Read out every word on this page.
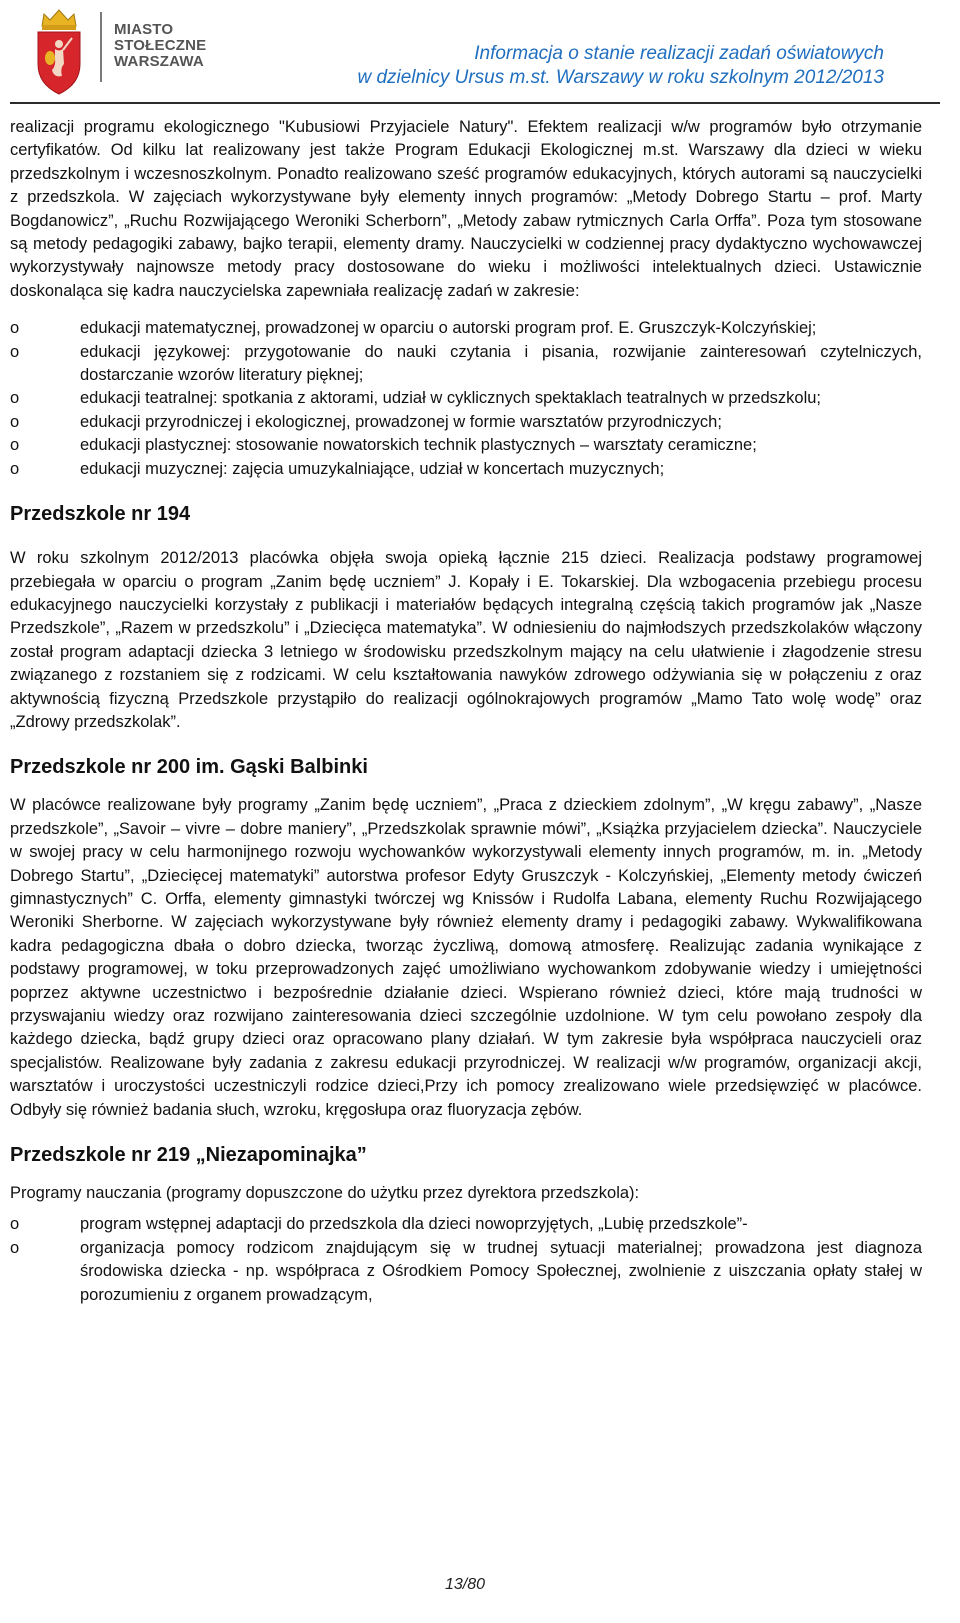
MIASTO
STOŁECZNE
WARSZAWA	Informacja o stanie realizacji zadań oświatowych
w dzielnicy Ursus m.st. Warszawy w roku szkolnym 2012/2013

realizacji programu ekologicznego "Kubusiowi Przyjaciele Natury". Efektem realizacji w/w programów było otrzymanie certyfikatów. Od kilku lat realizowany jest także Program Edukacji Ekologicznej m.st. Warszawy dla dzieci w wieku przedszkolnym i wczesnoszkolnym. Ponadto realizowano sześć programów edukacyjnych, których autorami są nauczycielki z przedszkola. W zajęciach wykorzystywane były elementy innych programów: „Metody Dobrego Startu – prof. Marty Bogdanowicz”, „Ruchu Rozwijającego Weroniki Scherborn”, „Metody zabaw rytmicznych Carla Orffa”. Poza tym stosowane są metody pedagogiki zabawy, bajko terapii, elementy dramy. Nauczycielki w codziennej pracy dydaktyczno wychowawczej wykorzystywały najnowsze metody pracy dostosowane do wieku i możliwości intelektualnych dzieci. Ustawicznie doskonaląca się kadra nauczycielska zapewniała realizację zadań w zakresie:

o	edukacji matematycznej, prowadzonej w oparciu o autorski program prof. E. Gruszczyk-Kolczyńskiej;
o	edukacji językowej: przygotowanie do nauki czytania i pisania, rozwijanie zainteresowań czytelniczych, dostarczanie wzorów literatury pięknej;
o	edukacji teatralnej: spotkania z aktorami, udział w cyklicznych spektaklach teatralnych w przedszkolu;
o	edukacji przyrodniczej i ekologicznej, prowadzonej w formie warsztatów przyrodniczych;
o	edukacji plastycznej: stosowanie nowatorskich technik plastycznych – warsztaty ceramiczne;
o	edukacji muzycznej: zajęcia umuzykalniające, udział w koncertach muzycznych;
Przedszkole nr 194

W roku szkolnym 2012/2013 placówka objęła swoja opieką łącznie 215 dzieci. Realizacja podstawy programowej przebiegała w oparciu o program „Zanim będę uczniem” J. Kopały i E. Tokarskiej. Dla wzbogacenia przebiegu procesu edukacyjnego nauczycielki korzystały z publikacji i materiałów będących integralną częścią takich programów jak „Nasze Przedszkole”, „Razem w przedszkolu” i „Dziecięca matematyka”. W odniesieniu do najmłodszych przedszkolaków włączony został program adaptacji dziecka 3 letniego w środowisku przedszkolnym mający na celu ułatwienie i złagodzenie stresu związanego z rozstaniem się z rodzicami. W celu kształtowania nawyków zdrowego odżywiania się w połączeniu z oraz aktywnością fizyczną Przedszkole przystąpiło do realizacji ogólnokrajowych programów „Mamo Tato wolę wodę” oraz „Zdrowy przedszkolak”.

Przedszkole nr 200 im. Gąski Balbinki

W placówce realizowane były programy „Zanim będę uczniem”, „Praca z dzieckiem zdolnym”, „W kręgu zabawy”, „Nasze przedszkole”, „Savoir – vivre – dobre maniery”, „Przedszkolak sprawnie mówi”, „Książka przyjacielem dziecka”. Nauczyciele w swojej pracy w celu harmonijnego rozwoju wychowanków wykorzystywali elementy innych programów, m. in. „Metody Dobrego Startu”, „Dziecięcej matematyki” autorstwa profesor Edyty Gruszczyk - Kolczyńskiej, „Elementy metody ćwiczeń gimnastycznych” C. Orffa, elementy gimnastyki twórczej wg Knissów i Rudolfa Labana, elementy Ruchu Rozwijającego Weroniki Sherborne. W zajęciach wykorzystywane były również elementy dramy i pedagogiki zabawy. Wykwalifikowana kadra pedagogiczna dbała o dobro dziecka, tworząc życzliwą, domową atmosferę. Realizując zadania wynikające z podstawy programowej, w toku przeprowadzonych zajęć umożliwiano wychowankom zdobywanie wiedzy i umiejętności poprzez aktywne uczestnictwo i bezpośrednie działanie dzieci. Wspierano również dzieci, które mają trudności w przyswajaniu wiedzy oraz rozwijano zainteresowania dzieci szczególnie uzdolnione. W tym celu powołano zespoły dla każdego dziecka, bądź grupy dzieci oraz opracowano plany działań. W tym zakresie była współpraca nauczycieli oraz specjalistów. Realizowane były zadania z zakresu edukacji przyrodniczej. W realizacji w/w programów, organizacji akcji, warsztatów i uroczystości uczestniczyli rodzice dzieci,Przy ich pomocy zrealizowano wiele przedsięwzięć w placówce. Odbyły się również badania słuch, wzroku, kręgosłupa oraz fluoryzacja zębów.

Przedszkole nr 219 „Niezapominajka”

Programy nauczania (programy dopuszczone do użytku przez dyrektora przedszkola):

o	program wstępnej adaptacji do przedszkola dla dzieci nowoprzyjętych, „Lubię przedszkole”-
o	organizacja pomocy rodzicom znajdującym się w trudnej sytuacji materialnej; prowadzona jest diagnoza środowiska dziecka - np. współpraca z Ośrodkiem Pomocy Społecznej, zwolnienie z uiszczania opłaty stałej w porozumieniu z organem prowadzącym,
13/80
